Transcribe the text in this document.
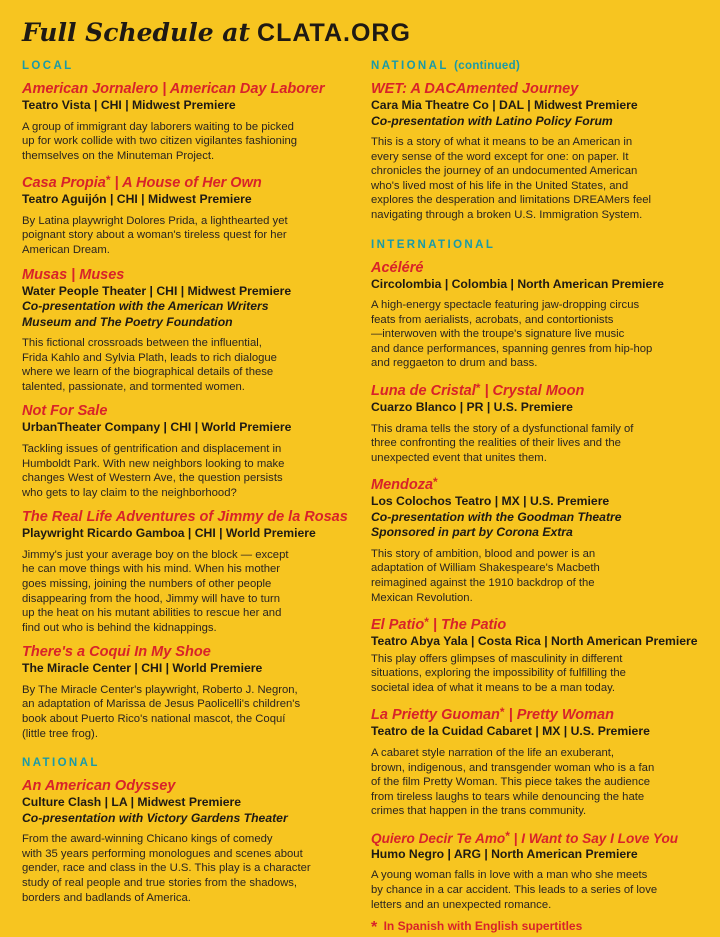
Full Schedule at CLATA.ORG
LOCAL
American Jornalero | American Day Laborer
Teatro Vista | CHI | Midwest Premiere
A group of immigrant day laborers waiting to be picked
up for work collide with two citizen vigilantes fashioning
themselves on the Minuteman Project.
Casa Propia* | A House of Her Own
Teatro Aguijón | CHI | Midwest Premiere
By Latina playwright Dolores Prida, a lighthearted yet
poignant story about a woman's tireless quest for her
American Dream.
Musas | Muses
Water People Theater | CHI | Midwest Premiere
Co-presentation with the American Writers
Museum and The Poetry Foundation
This fictional crossroads between the influential,
Frida Kahlo and Sylvia Plath, leads to rich dialogue
where we learn of the biographical details of these
talented, passionate, and tormented women.
Not For Sale
UrbanTheater Company | CHI | World Premiere
Tackling issues of gentrification and displacement in
Humboldt Park. With new neighbors looking to make
changes West of Western Ave, the question persists
who gets to lay claim to the neighborhood?
The Real Life Adventures of Jimmy de la Rosas
Playwright Ricardo Gamboa | CHI | World Premiere
Jimmy's just your average boy on the block — except
he can move things with his mind. When his mother
goes missing, joining the numbers of other people
disappearing from the hood, Jimmy will have to turn
up the heat on his mutant abilities to rescue her and
find out who is behind the kidnappings.
There's a Coqui In My Shoe
The Miracle Center | CHI | World Premiere
By The Miracle Center's playwright, Roberto J. Negron,
an adaptation of Marissa de Jesus Paolicelli's children's
book about Puerto Rico's national mascot, the Coquí
(little tree frog).
NATIONAL
An American Odyssey
Culture Clash | LA | Midwest Premiere
Co-presentation with Victory Gardens Theater
From the award-winning Chicano kings of comedy
with 35 years performing monologues and scenes about
gender, race and class in the U.S. This play is a character
study of real people and true stories from the shadows,
borders and badlands of America.
NATIONAL (continued)
WET: A DACAmented Journey
Cara Mia Theatre Co | DAL | Midwest Premiere
Co-presentation with Latino Policy Forum
This is a story of what it means to be an American in
every sense of the word except for one: on paper. It
chronicles the journey of an undocumented American
who's lived most of his life in the United States, and
explores the desperation and limitations DREAMers feel
navigating through a broken U.S. Immigration System.
INTERNATIONAL
Acéléré
Circolombia | Colombia | North American Premiere
A high-energy spectacle featuring jaw-dropping circus
feats from aerialists, acrobats, and contortionists
—interwoven with the troupe's signature live music
and dance performances, spanning genres from hip-hop
and reggaeton to drum and bass.
Luna de Cristal* | Crystal Moon
Cuarzo Blanco | PR | U.S. Premiere
This drama tells the story of a dysfunctional family of
three confronting the realities of their lives and the
unexpected event that unites them.
Mendoza*
Los Colochos Teatro | MX | U.S. Premiere
Co-presentation with the Goodman Theatre
Sponsored in part by Corona Extra
This story of ambition, blood and power is an
adaptation of William Shakespeare's Macbeth
reimagined against the 1910 backdrop of the
Mexican Revolution.
El Patio* | The Patio
Teatro Abya Yala | Costa Rica | North American Premiere
This play offers glimpses of masculinity in different
situations, exploring the impossibility of fulfilling the
societal idea of what it means to be a man today.
La Prietty Guoman* | Pretty Woman
Teatro de la Cuidad Cabaret | MX | U.S. Premiere
A cabaret style narration of the life an exuberant,
brown, indigenous, and transgender woman who is a fan
of the film Pretty Woman. This piece takes the audience
from tireless laughs to tears while denouncing the hate
crimes that happen in the trans community.
Quiero Decir Te Amo* | I Want to Say I Love You
Humo Negro | ARG | North American Premiere
A young woman falls in love with a man who she meets
by chance in a car accident. This leads to a series of love
letters and an unexpected romance.
* In Spanish with English supertitles
